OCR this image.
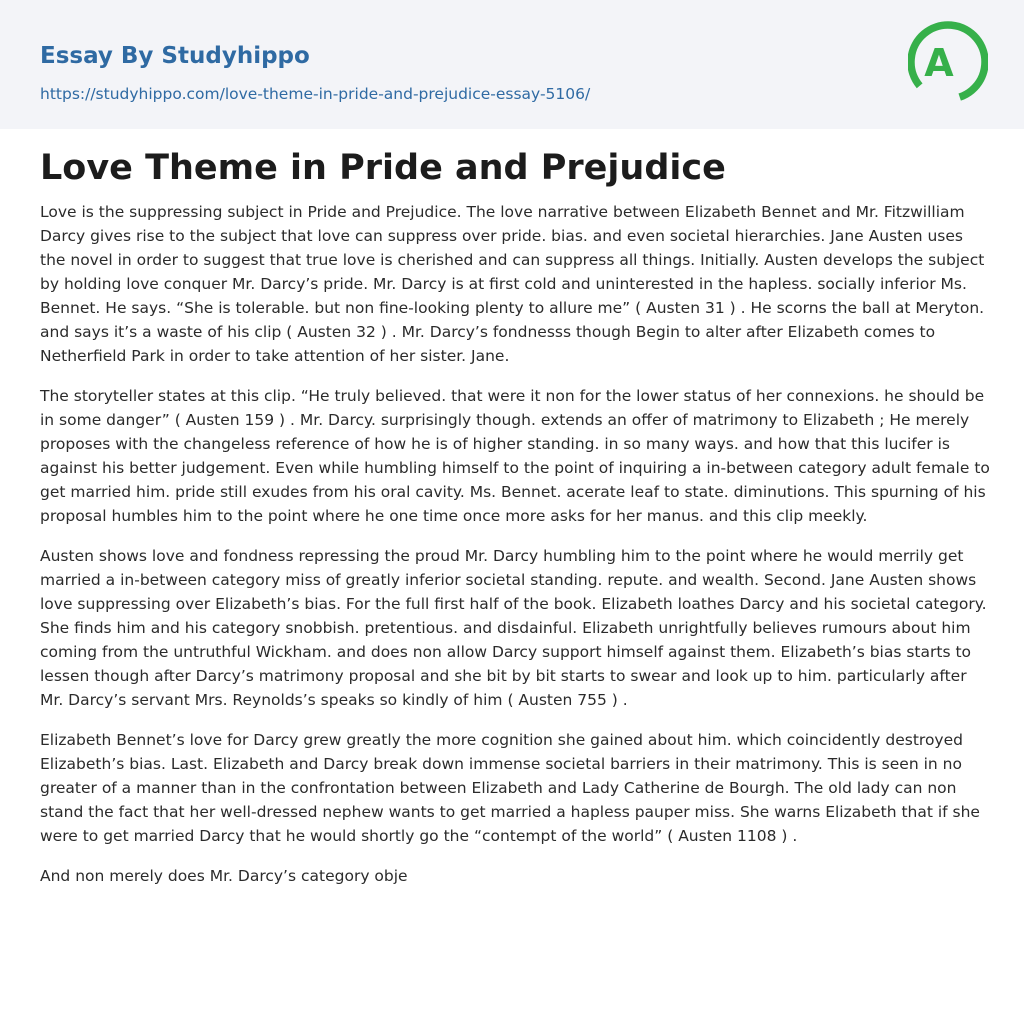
Essay By Studyhippo
https://studyhippo.com/love-theme-in-pride-and-prejudice-essay-5106/
A
Love Theme in Pride and Prejudice

Love is the suppressing subject in Pride and Prejudice. The love narrative between Elizabeth Bennet and Mr. Fitzwilliam Darcy gives rise to the subject that love can suppress over pride. bias. and even societal hierarchies. Jane Austen uses the novel in order to suggest that true love is cherished and can suppress all things. Initially. Austen develops the subject by holding love conquer Mr. Darcy’s pride. Mr. Darcy is at first cold and uninterested in the hapless. socially inferior Ms. Bennet. He says. “She is tolerable. but non fine-looking plenty to allure me” ( Austen 31 ) . He scorns the ball at Meryton. and says it’s a waste of his clip ( Austen 32 ) . Mr. Darcy’s fondnesss though Begin to alter after Elizabeth comes to Netherfield Park in order to take attention of her sister. Jane.

The storyteller states at this clip. “He truly believed. that were it non for the lower status of her connexions. he should be in some danger” ( Austen 159 ) . Mr. Darcy. surprisingly though. extends an offer of matrimony to Elizabeth ; He merely proposes with the changeless reference of how he is of higher standing. in so many ways. and how that this lucifer is against his better judgement. Even while humbling himself to the point of inquiring a in-between category adult female to get married him. pride still exudes from his oral cavity. Ms. Bennet. acerate leaf to state. diminutions. This spurning of his proposal humbles him to the point where he one time once more asks for her manus. and this clip meekly.

Austen shows love and fondness repressing the proud Mr. Darcy humbling him to the point where he would merrily get married a in-between category miss of greatly inferior societal standing. repute. and wealth. Second. Jane Austen shows love suppressing over Elizabeth’s bias. For the full first half of the book. Elizabeth loathes Darcy and his societal category. She finds him and his category snobbish. pretentious. and disdainful. Elizabeth unrightfully believes rumours about him coming from the untruthful Wickham. and does non allow Darcy support himself against them. Elizabeth’s bias starts to lessen though after Darcy’s matrimony proposal and she bit by bit starts to swear and look up to him. particularly after Mr. Darcy’s servant Mrs. Reynolds’s speaks so kindly of him ( Austen 755 ) .

Elizabeth Bennet’s love for Darcy grew greatly the more cognition she gained about him. which coincidently destroyed Elizabeth’s bias. Last. Elizabeth and Darcy break down immense societal barriers in their matrimony. This is seen in no greater of a manner than in the confrontation between Elizabeth and Lady Catherine de Bourgh. The old lady can non stand the fact that her well-dressed nephew wants to get married a hapless pauper miss. She warns Elizabeth that if she were to get married Darcy that he would shortly go the “contempt of the world” ( Austen 1108 ) .

And non merely does Mr. Darcy’s category obje
